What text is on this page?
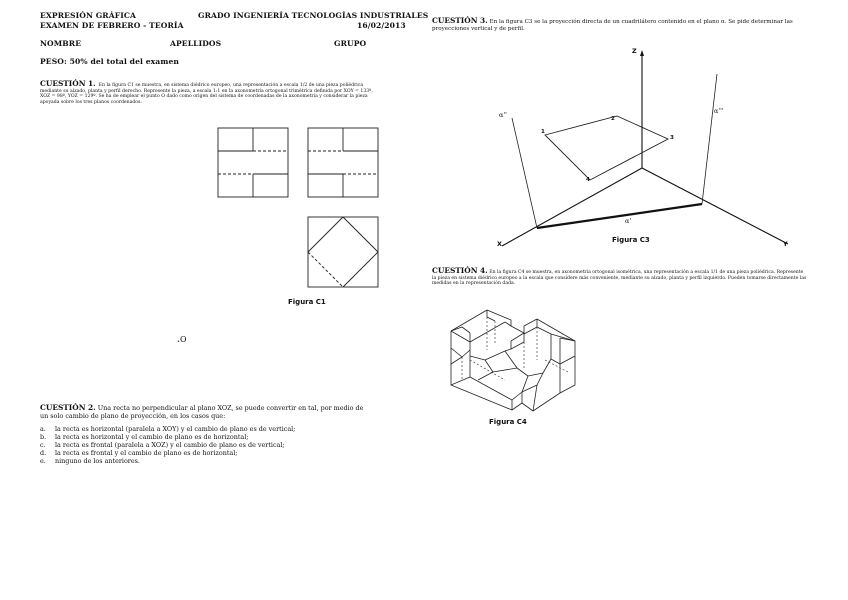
EXPRESIÓN GRÁFICA
EXAMEN DE FEBRERO - TEORÍA
GRADO INGENIERÍA TECNOLOGÍAS INDUSTRIALES
16/02/2013
NOMBRE	APELLIDOS	GRUPO
PESO: 50% del total del examen
CUESTIÓN 1. En la figura C1 se muestra, en sistema diédrico europeo, una representación a escala 1/2 de una pieza poliédrica mediante su alzado, planta y perfil derecho. Represente la pieza, a escala 1:1 en la axonometría ortogonal trimétrica definida por XOY = 133º, XOZ = 98º, YOZ = 129º. Se ha de emplear el punto O dado como origen del sistema de coordenadas de la axonometría y considerar la pieza apoyada sobre los tres planos coordenados.
Figura C1
•O
CUESTIÓN 2. Una recta no perpendicular al plano XOZ, se puede convertir en tal, por medio de un solo cambio de plano de proyección, en los casos que:
a.	la recta es horizontal (paralela a XOY) y el cambio de plano es de vertical;
b.	la recta es horizontal y el cambio de plano es de horizontal;
c.	la recta es frontal (paralela a XOZ) y el cambio de plano es de vertical;
d.	la recta es frontal y el cambio de plano es de horizontal;
e.	ninguno de los anteriores.
CUESTIÓN 3. En la figura C3 se la proyección directa de un cuadrilátero contenido en el plano α. Se pide determinar las proyecciones vertical y de perfil.
Z
X	Y
α''	α'''
α'
1
2
3
4
Figura C3
CUESTIÓN 4. En la figura C4 se muestra, en axonometría ortogonal isométrica, una representación a escala 1/1 de una pieza poliédrica. Represente la pieza en sistema diédrico europeo a la escala que considere más conveniente, mediante su alzado, planta y perfil izquierdo. Pueden tomarse directamente las medidas en la representación dada.
Figura C4
